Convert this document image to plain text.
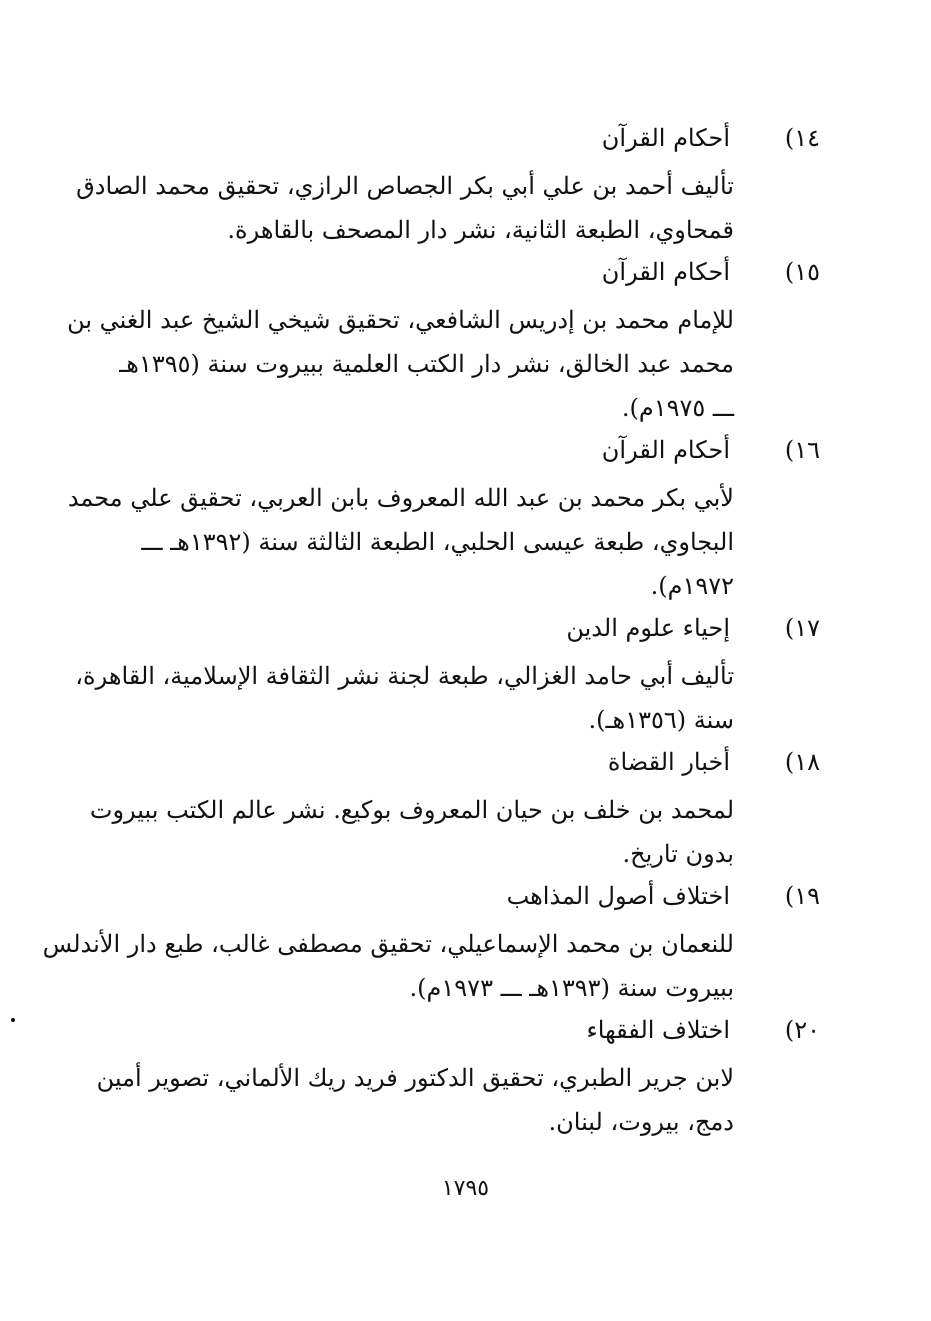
١٤)
أحكام القرآن
تأليف أحمد بن علي أبي بكر الجصاص الرازي، تحقيق محمد الصادق
قمحاوي، الطبعة الثانية، نشر دار المصحف بالقاهرة.
١٥)
أحكام القرآن
للإمام محمد بن إدريس الشافعي، تحقيق شيخي الشيخ عبد الغني بن
محمد عبد الخالق، نشر دار الكتب العلمية ببيروت سنة (١٣٩٥هـ
ـــ ١٩٧٥م).
١٦)
أحكام القرآن
لأبي بكر محمد بن عبد الله المعروف بابن العربي، تحقيق علي محمد
البجاوي، طبعة عيسى الحلبي، الطبعة الثالثة سنة (١٣٩٢هـ ـــ
١٩٧٢م).
١٧)
إحياء علوم الدين
تأليف أبي حامد الغزالي، طبعة لجنة نشر الثقافة الإسلامية، القاهرة،
سنة (١٣٥٦هـ).
١٨)
أخبار القضاة
لمحمد بن خلف بن حيان المعروف بوكيع. نشر عالم الكتب ببيروت
بدون تاريخ.
١٩)
اختلاف أصول المذاهب
للنعمان بن محمد الإسماعيلي، تحقيق مصطفى غالب، طبع دار الأندلس
ببيروت سنة (١٣٩٣هـ ـــ ١٩٧٣م).
٢٠)
اختلاف الفقهاء
لابن جرير الطبري، تحقيق الدكتور فريد ريك الألماني، تصوير أمين
دمج، بيروت، لبنان.
١٧٩٥
